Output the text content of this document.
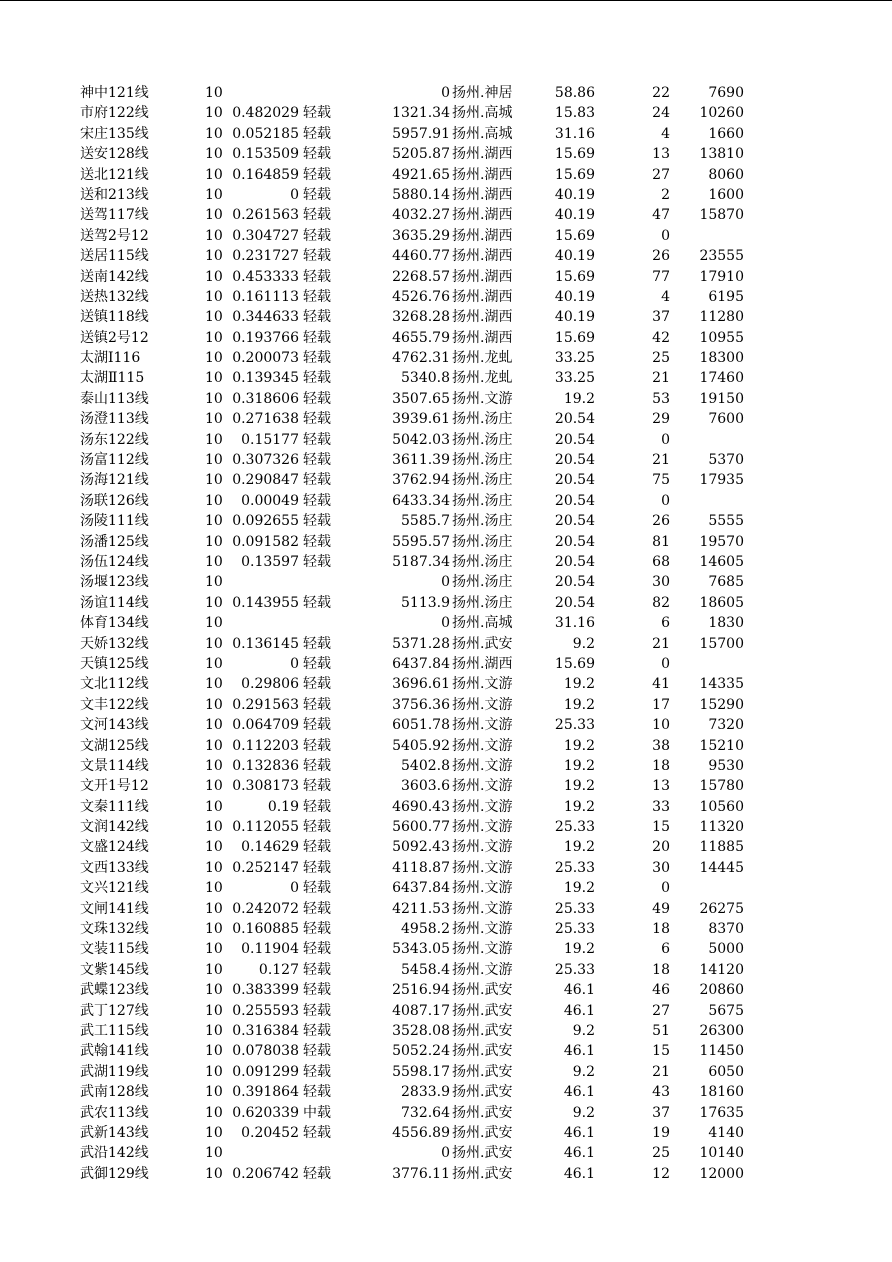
神中121线	10	0 扬州.神居	58.86	22	7690
市府122线	10 0.482029 轻载	1321.34 扬州.高城	15.83	24	10260
宋庄135线	10 0.052185 轻载	5957.91 扬州.高城	31.16	4	1660
送安128线	10 0.153509 轻载	5205.87 扬州.湖西	15.69	13	13810
送北121线	10 0.164859 轻载	4921.65 扬州.湖西	15.69	27	8060
送和213线	10	0 轻载	5880.14 扬州.湖西	40.19	2	1600
送驾117线	10 0.261563 轻载	4032.27 扬州.湖西	40.19	47	15870
送驾2号12	10 0.304727 轻载	3635.29 扬州.湖西	15.69	0
送居115线	10 0.231727 轻载	4460.77 扬州.湖西	40.19	26	23555
送南142线	10 0.453333 轻载	2268.57 扬州.湖西	15.69	77	17910
送热132线	10 0.161113 轻载	4526.76 扬州.湖西	40.19	4	6195
送镇118线	10 0.344633 轻载	3268.28 扬州.湖西	40.19	37	11280
送镇2号12	10 0.193766 轻载	4655.79 扬州.湖西	15.69	42	10955
太湖Ⅰ116	10 0.200073 轻载	4762.31 扬州.龙虬	33.25	25	18300
太湖Ⅱ115	10 0.139345 轻载	5340.8 扬州.龙虬	33.25	21	17460
泰山113线	10 0.318606 轻载	3507.65 扬州.文游	19.2	53	19150
汤澄113线	10 0.271638 轻载	3939.61 扬州.汤庄	20.54	29	7600
汤东122线	10	0.15177 轻载	5042.03 扬州.汤庄	20.54	0
汤富112线	10 0.307326 轻载	3611.39 扬州.汤庄	20.54	21	5370
汤海121线	10 0.290847 轻载	3762.94 扬州.汤庄	20.54	75	17935
汤联126线	10	0.00049 轻载	6433.34 扬州.汤庄	20.54	0
汤陵111线	10 0.092655 轻载	5585.7 扬州.汤庄	20.54	26	5555
汤潘125线	10 0.091582 轻载	5595.57 扬州.汤庄	20.54	81	19570
汤伍124线	10	0.13597 轻载	5187.34 扬州.汤庄	20.54	68	14605
汤堰123线	10	0 扬州.汤庄	20.54	30	7685
汤谊114线	10 0.143955 轻载	5113.9 扬州.汤庄	20.54	82	18605
体育134线	10	0 扬州.高城	31.16	6	1830
天娇132线	10 0.136145 轻载	5371.28 扬州.武安	9.2	21	15700
天镇125线	10	0 轻载	6437.84 扬州.湖西	15.69	0
文北112线	10	0.29806 轻载	3696.61 扬州.文游	19.2	41	14335
文丰122线	10 0.291563 轻载	3756.36 扬州.文游	19.2	17	15290
文河143线	10 0.064709 轻载	6051.78 扬州.文游	25.33	10	7320
文湖125线	10 0.112203 轻载	5405.92 扬州.文游	19.2	38	15210
文景114线	10 0.132836 轻载	5402.8 扬州.文游	19.2	18	9530
文开1号12	10 0.308173 轻载	3603.6 扬州.文游	19.2	13	15780
文秦111线	10	0.19 轻载	4690.43 扬州.文游	19.2	33	10560
文润142线	10 0.112055 轻载	5600.77 扬州.文游	25.33	15	11320
文盛124线	10	0.14629 轻载	5092.43 扬州.文游	19.2	20	11885
文西133线	10 0.252147 轻载	4118.87 扬州.文游	25.33	30	14445
文兴121线	10	0 轻载	6437.84 扬州.文游	19.2	0
文闸141线	10 0.242072 轻载	4211.53 扬州.文游	25.33	49	26275
文珠132线	10 0.160885 轻载	4958.2 扬州.文游	25.33	18	8370
文装115线	10	0.11904 轻载	5343.05 扬州.文游	19.2	6	5000
文紫145线	10	0.127 轻载	5458.4 扬州.文游	25.33	18	14120
武蝶123线	10 0.383399 轻载	2516.94 扬州.武安	46.1	46	20860
武丁127线	10 0.255593 轻载	4087.17 扬州.武安	46.1	27	5675
武工115线	10 0.316384 轻载	3528.08 扬州.武安	9.2	51	26300
武翰141线	10 0.078038 轻载	5052.24 扬州.武安	46.1	15	11450
武湖119线	10 0.091299 轻载	5598.17 扬州.武安	9.2	21	6050
武南128线	10 0.391864 轻载	2833.9 扬州.武安	46.1	43	18160
武农113线	10 0.620339 中载	732.64 扬州.武安	9.2	37	17635
武新143线	10	0.20452 轻载	4556.89 扬州.武安	46.1	19	4140
武沿142线	10	0 扬州.武安	46.1	25	10140
武御129线	10 0.206742 轻载	3776.11 扬州.武安	46.1	12	12000
